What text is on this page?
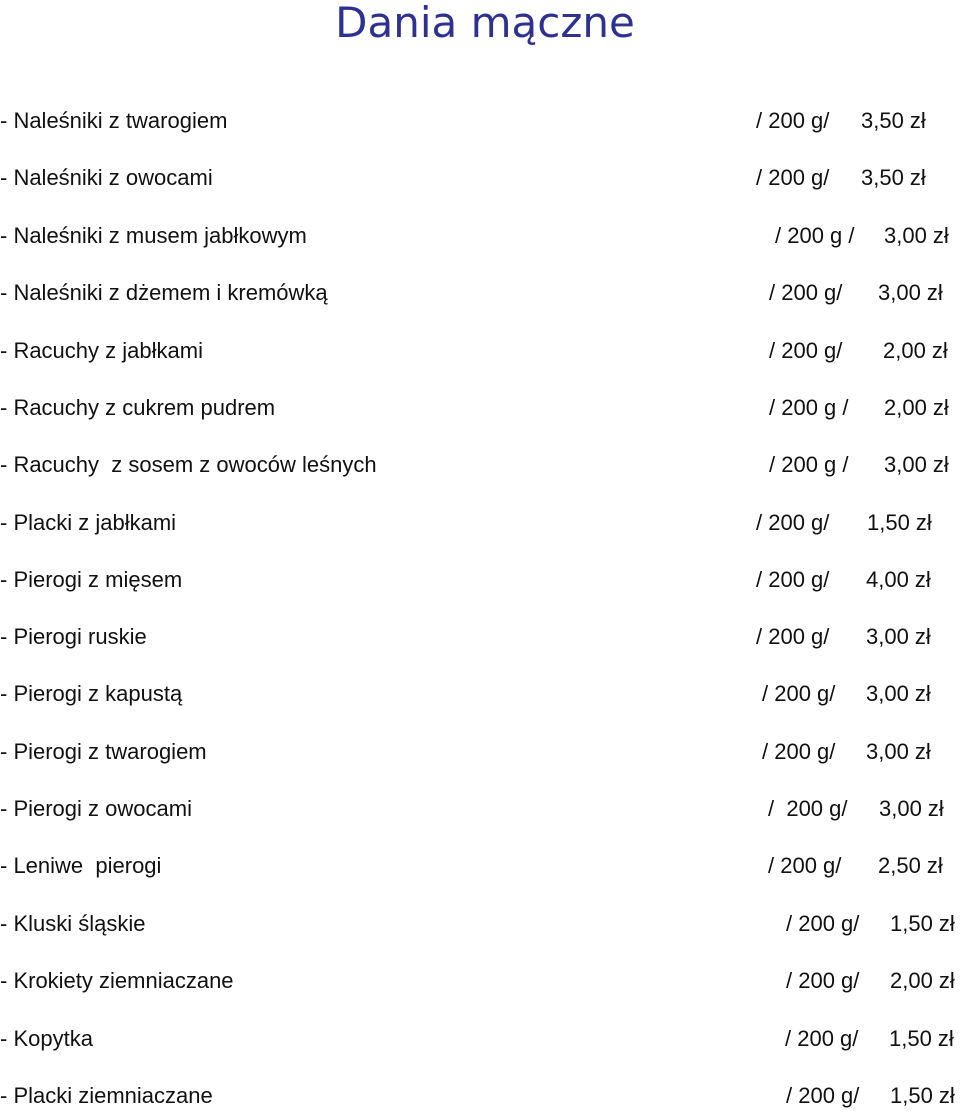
Dania mączne
- Naleśniki z twarogiem	/ 200 g/ 3,50 zł
- Naleśniki z owocami	/ 200 g/ 3,50 zł
- Naleśniki z musem jabłkowym	/ 200 g / 3,00 zł
- Naleśniki z dżemem i kremówką	/ 200 g/ 3,00 zł
- Racuchy z jabłkami	/ 200 g/ 2,00 zł
- Racuchy z cukrem pudrem	/ 200 g / 2,00 zł
- Racuchy  z sosem z owoców leśnych	/ 200 g / 3,00 zł
- Placki z jabłkami	/ 200 g/ 1,50 zł
- Pierogi z mięsem	/ 200 g/ 4,00 zł
- Pierogi ruskie	/ 200 g/ 3,00 zł
- Pierogi z kapustą	/ 200 g/ 3,00 zł
- Pierogi z twarogiem	/ 200 g/ 3,00 zł
- Pierogi z owocami	/  200 g/ 3,00 zł
- Leniwe  pierogi	/ 200 g/ 2,50 zł
- Kluski śląskie	/ 200 g/ 1,50 zł
- Krokiety ziemniaczane	/ 200 g/ 2,00 zł
- Kopytka	/ 200 g/ 1,50 zł
- Placki ziemniaczane	/ 200 g/ 1,50 zł
